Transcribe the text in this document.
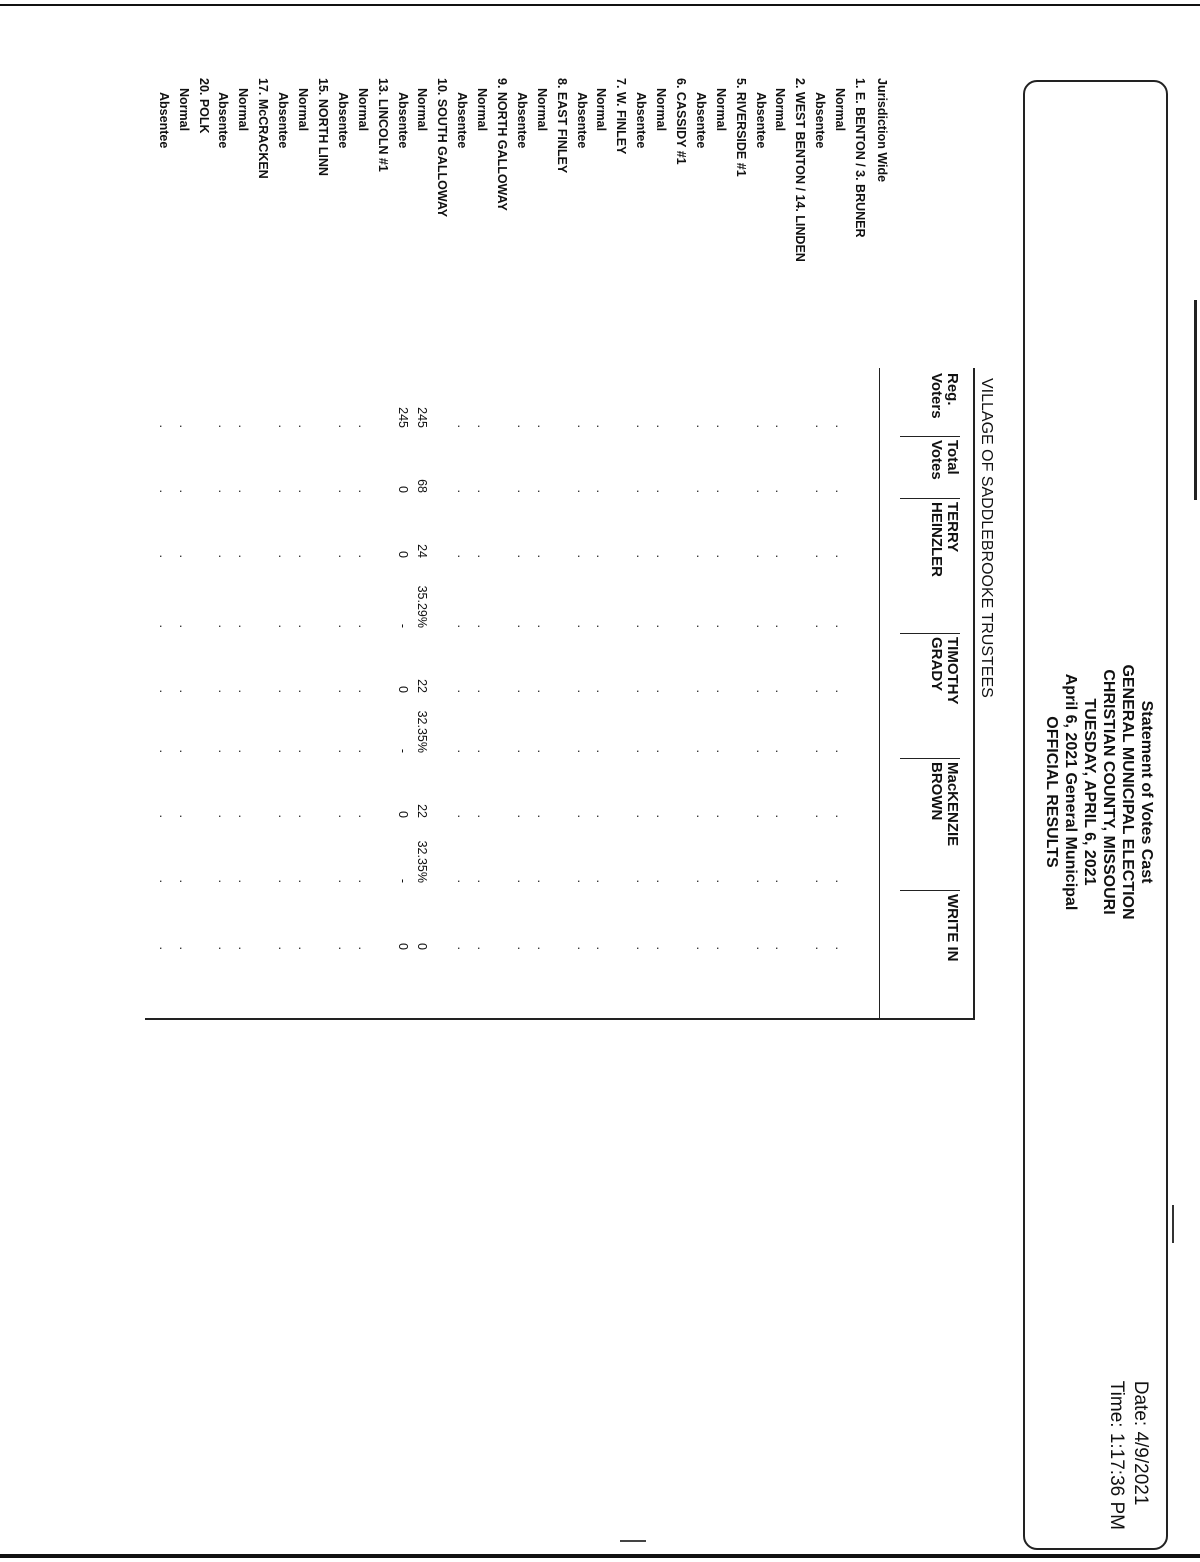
Statement of Votes Cast
GENERAL MUNICIPAL ELECTION
CHRISTIAN COUNTY, MISSOURI
TUESDAY, APRIL 6, 2021
April 6, 2021 General Municipal
OFFICIAL RESULTS
Date: 4/9/2021
Time: 1:17:36 PM
VILLAGE OF SADDLEBROOKE TRUSTEES
Reg.
Voters
Total
Votes
TERRY
HEINZLER
TIMOTHY
GRADY
MacKENZIE
BROWN
WRITE IN
Jurisdiction Wide
1. E. BENTON / 3. BRUNER
Normal
.
.
.
.
.
.
.
.
.
Absentee
.
.
.
.
.
.
.
.
.
2. WEST BENTON / 14. LINDEN
Normal
.
.
.
.
.
.
.
.
.
Absentee
.
.
.
.
.
.
.
.
.
5. RIVERSIDE #1
Normal
.
.
.
.
.
.
.
.
.
Absentee
.
.
.
.
.
.
.
.
.
6. CASSIDY #1
Normal
.
.
.
.
.
.
.
.
.
Absentee
.
.
.
.
.
.
.
.
.
7. W. FINLEY
Normal
.
.
.
.
.
.
.
.
.
Absentee
.
.
.
.
.
.
.
.
.
8. EAST FINLEY
Normal
.
.
.
.
.
.
.
.
.
Absentee
.
.
.
.
.
.
.
.
.
9. NORTH GALLOWAY
Normal
.
.
.
.
.
.
.
.
.
Absentee
.
.
.
.
.
.
.
.
.
10. SOUTH GALLOWAY
Normal
245
68
24
35.29%
22
32.35%
22
32.35%
0
Absentee
245
0
0
-
0
-
0
-
0
13. LINCOLN #1
Normal
.
.
.
.
.
.
.
.
.
Absentee
.
.
.
.
.
.
.
.
.
15. NORTH LINN
Normal
.
.
.
.
.
.
.
.
.
Absentee
.
.
.
.
.
.
.
.
.
17. McCRACKEN
Normal
.
.
.
.
.
.
.
.
.
Absentee
.
.
.
.
.
.
.
.
.
20. POLK
Normal
.
.
.
.
.
.
.
.
.
Absentee
.
.
.
.
.
.
.
.
.
